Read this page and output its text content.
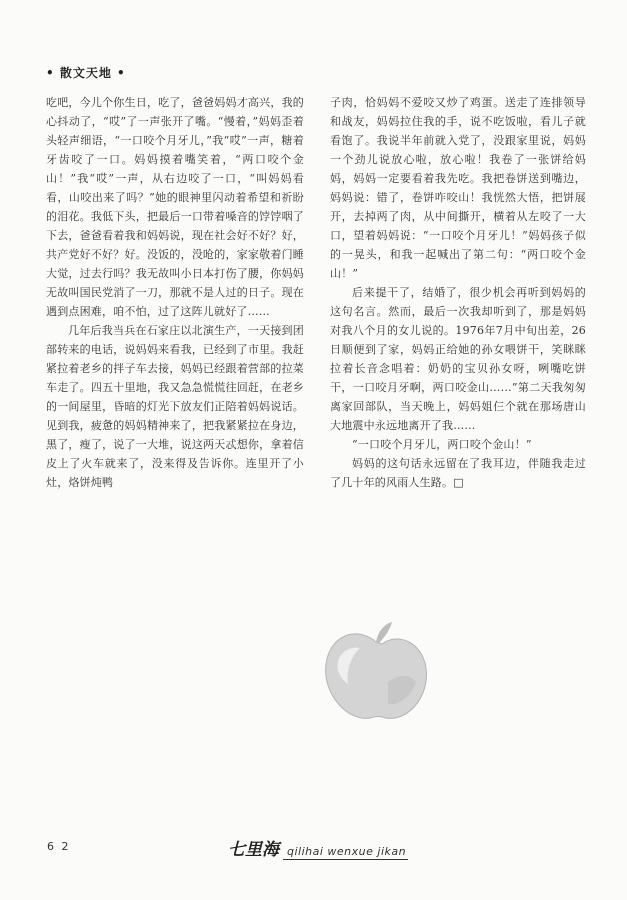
• 散文天地 •

吃吧，今儿个你生日，吃了，爸爸妈妈才高兴，我的心抖动了，“哎”了一声张开了嘴。“慢着，”妈妈歪着头轻声细语，“一口咬个月牙儿，”我“哎”一声，糖着牙齿咬了一口。妈妈摸着嘴笑着，“两口咬个金山！”我“哎”一声，从右边咬了一口，“叫妈妈看看，山咬出来了吗？”她的眼神里闪动着希望和祈盼的泪花。我低下头，把最后一口带着嗓音的饽饽咽了下去，爸爸看着我和妈妈说，现在社会好不好？好，共产党好不好？好。没饭的，没呛的，家家敬着门睡大觉，过去行吗？我无故叫小日本打伤了腰，你妈妈无故叫国民党消了一刀，那就不是人过的日子。现在遇到点困难，咱不怕，过了这阵儿就好了……

几年后我当兵在石家庄以北演生产，一天接到团部转来的电话，说妈妈来看我，已经到了市里。我赶紧拉着老乡的拌子车去接，妈妈已经跟着营部的拉菜车走了。四五十里地，我又急急慌慌往回赶，在老乡的一间屋里，昏暗的灯光下放友们正陪着妈妈说话。见到我，疲惫的妈妈精神来了，把我紧紧拉在身边，黑了，瘦了，说了一大堆，说这两天忒想你，拿着信皮上了火车就来了，没来得及告诉你。连里开了小灶，烙饼炖鸭

子肉，恰妈妈不爱咬又炒了鸡蛋。送走了连排领导和战友，妈妈拉住我的手，说不吃饭啦，看儿子就看饱了。我说半年前就入党了，没跟家里说，妈妈一个劲儿说放心啦，放心啦！我卷了一张饼给妈妈，妈妈一定要看着我先吃。我把卷饼送到嘴边，妈妈说：错了，卷饼咋咬山！我恍然大悟，把饼展开，去掉两了肉，从中间撕开，横着从左咬了一大口，望着妈妈说：“一口咬个月牙儿！”妈妈孩子似的一晃头，和我一起喊出了第二句：“两口咬个金山！”

后来提干了，结婚了，很少机会再听到妈妈的这句名言。然而，最后一次我却听到了，那是妈妈对我八个月的女儿说的。1976年7月中旬出差，26日顺便到了家，妈妈正给她的孙女喂饼干，笑眯眯拉着长音念唱着：奶奶的宝贝孙女呀，咧嘴吃饼干，一口咬月牙啊，两口咬金山……”第二天我匆匆离家回部队，当天晚上，妈妈姐仨个就在那场唐山大地震中永远地离开了我……

“一口咬个月牙儿，两口咬个金山！”

妈妈的这句话永远留在了我耳边，伴随我走过了几十年的风雨人生路。□

6 2	七里海 qilihai wenxue jikan
